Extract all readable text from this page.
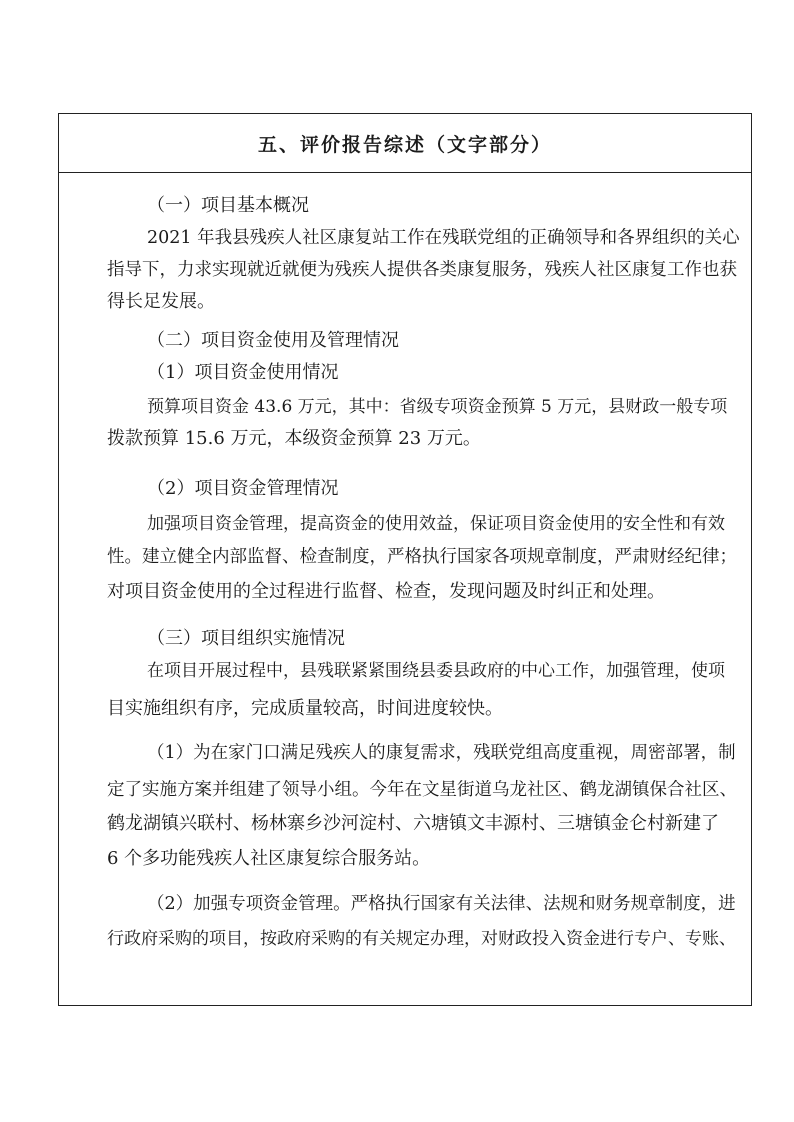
五、评价报告综述（文字部分）
（一）项目基本概况
2021 年我县残疾人社区康复站工作在残联党组的正确领导和各界组织的关心
指导下，力求实现就近就便为残疾人提供各类康复服务，残疾人社区康复工作也获
得长足发展。
（二）项目资金使用及管理情况
（1）项目资金使用情况
预算项目资金 43.6 万元，其中：省级专项资金预算 5 万元，县财政一般专项
拨款预算 15.6 万元，本级资金预算 23 万元。
（2）项目资金管理情况
加强项目资金管理，提高资金的使用效益，保证项目资金使用的安全性和有效
性。建立健全内部监督、检查制度，严格执行国家各项规章制度，严肃财经纪律；
对项目资金使用的全过程进行监督、检查，发现问题及时纠正和处理。
（三）项目组织实施情况
在项目开展过程中，县残联紧紧围绕县委县政府的中心工作，加强管理，使项
目实施组织有序，完成质量较高，时间进度较快。
（1）为在家门口满足残疾人的康复需求，残联党组高度重视，周密部署，制
定了实施方案并组建了领导小组。今年在文星街道乌龙社区、鹤龙湖镇保合社区、
鹤龙湖镇兴联村、杨林寨乡沙河淀村、六塘镇文丰源村、三塘镇金仑村新建了
6 个多功能残疾人社区康复综合服务站。
（2）加强专项资金管理。严格执行国家有关法律、法规和财务规章制度，进
行政府采购的项目，按政府采购的有关规定办理，对财政投入资金进行专户、专账、
